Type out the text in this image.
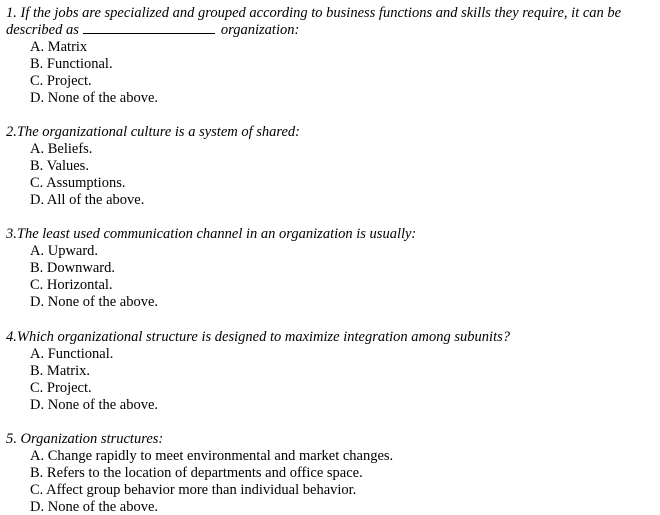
1. If the jobs are specialized and grouped according to business functions and skills they require, it can be
described as	organization:
A. Matrix
B. Functional.
C. Project.
D. None of the above.
2.The organizational culture is a system of shared:
A. Beliefs.
B. Values.
C. Assumptions.
D. All of the above.
3.The least used communication channel in an organization is usually:
A. Upward.
B. Downward.
C. Horizontal.
D. None of the above.
4.Which organizational structure is designed to maximize integration among subunits?
A. Functional.
B. Matrix.
C. Project.
D. None of the above.
5. Organization structures:
A. Change rapidly to meet environmental and market changes.
B. Refers to the location of departments and office space.
C. Affect group behavior more than individual behavior.
D. None of the above.
